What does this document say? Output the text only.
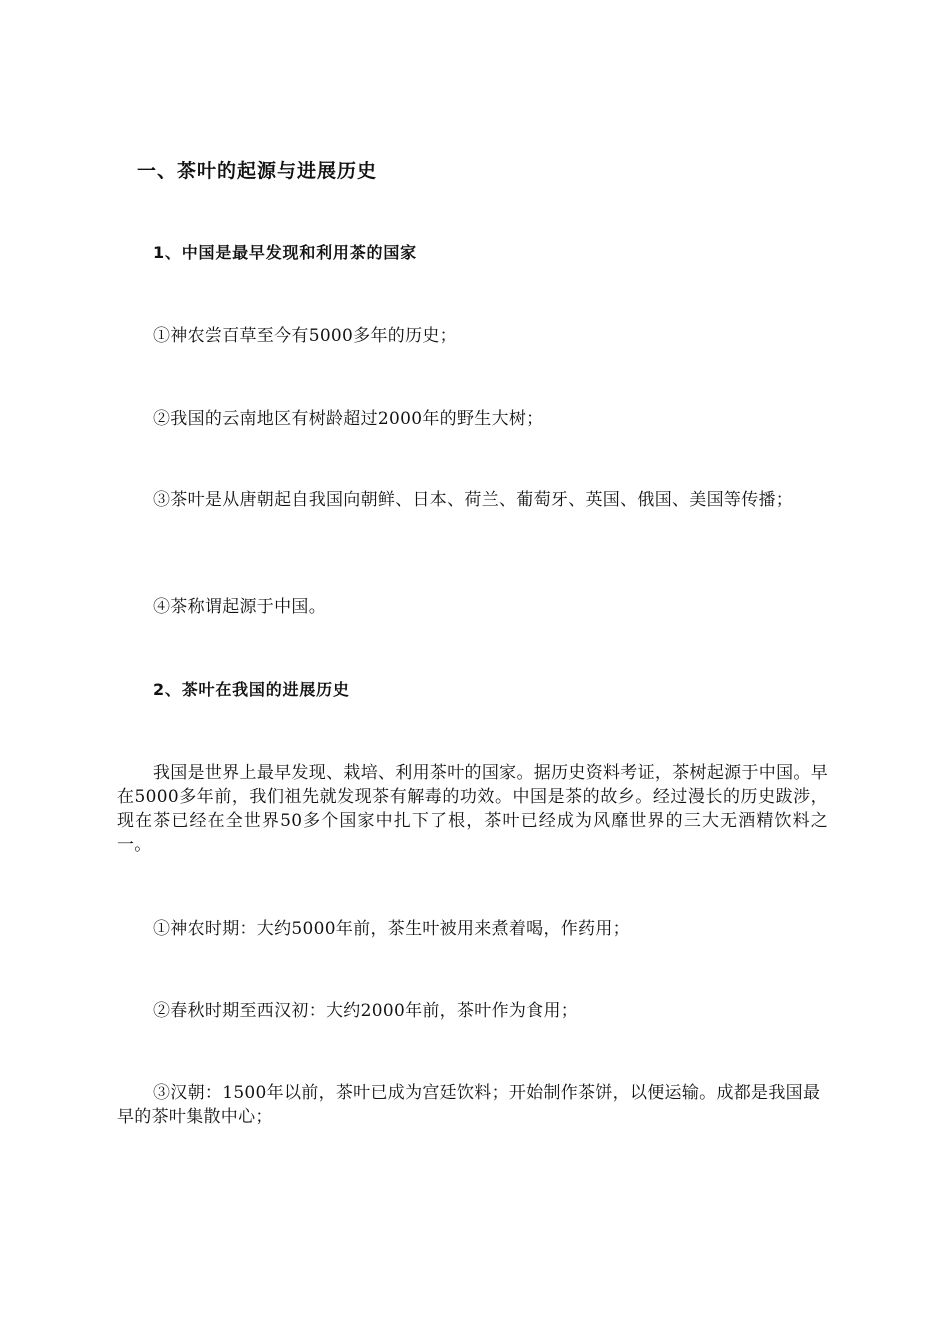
一、茶叶的起源与进展历史
1、中国是最早发现和利用茶的国家

①神农尝百草至今有5000多年的历史；

②我国的云南地区有树龄超过2000年的野生大树；

③茶叶是从唐朝起自我国向朝鲜、日本、荷兰、葡萄牙、英国、俄国、美国等传播；

④茶称谓起源于中国。

2、茶叶在我国的进展历史

我国是世界上最早发现、栽培、利用茶叶的国家。据历史资料考证，茶树起源于中国。早在5000多年前，我们祖先就发现茶有解毒的功效。中国是茶的故乡。经过漫长的历史跋涉，现在茶已经在全世界50多个国家中扎下了根，茶叶已经成为风靡世界的三大无酒精饮料之一。

①神农时期：大约5000年前，茶生叶被用来煮着喝，作药用；

②春秋时期至西汉初：大约2000年前，茶叶作为食用；

③汉朝：1500年以前，茶叶已成为宫廷饮料；开始制作茶饼，以便运输。成都是我国最早的茶叶集散中心；
